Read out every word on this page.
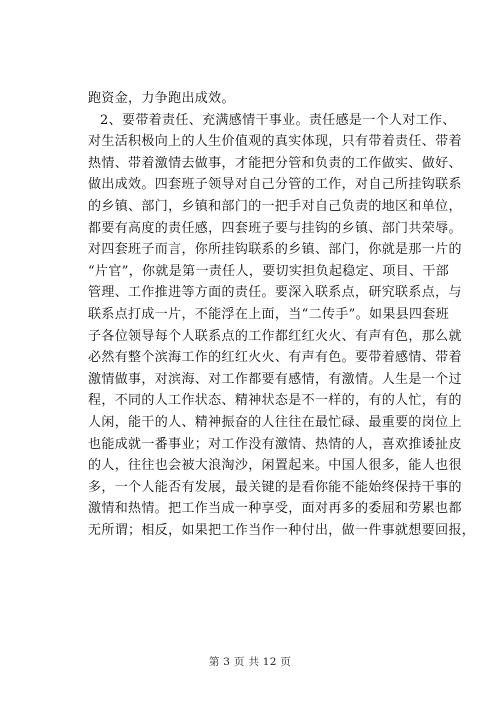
跑资金，力争跑出成效。
2、要带着责任、充满感情干事业。责任感是一个人对工作、
对生活积极向上的人生价值观的真实体现，只有带着责任、带着
热情、带着激情去做事，才能把分管和负责的工作做实、做好、
做出成效。四套班子领导对自己分管的工作，对自己所挂钩联系
的乡镇、部门，乡镇和部门的一把手对自己负责的地区和单位，
都要有高度的责任感，四套班子要与挂钩的乡镇、部门共荣辱。
对四套班子而言，你所挂钩联系的乡镇、部门，你就是那一片的
“片官”，你就是第一责任人，要切实担负起稳定、项目、干部
管理、工作推进等方面的责任。要深入联系点，研究联系点，与
联系点打成一片，不能浮在上面，当“二传手”。如果县四套班
子各位领导每个人联系点的工作都红红火火、有声有色，那么就
必然有整个滨海工作的红红火火、有声有色。要带着感情、带着
激情做事，对滨海、对工作都要有感情，有激情。人生是一个过
程，不同的人工作状态、精神状态是不一样的，有的人忙，有的
人闲，能干的人、精神振奋的人往往在最忙碌、最重要的岗位上
也能成就一番事业；对工作没有激情、热情的人，喜欢推诿扯皮
的人，往往也会被大浪淘沙，闲置起来。中国人很多，能人也很
多，一个人能否有发展，最关键的是看你能不能始终保持干事的
激情和热情。把工作当成一种享受，面对再多的委屈和劳累也都
无所谓；相反，如果把工作当作一种付出，做一件事就想要回报，
第 3 页 共 12 页
